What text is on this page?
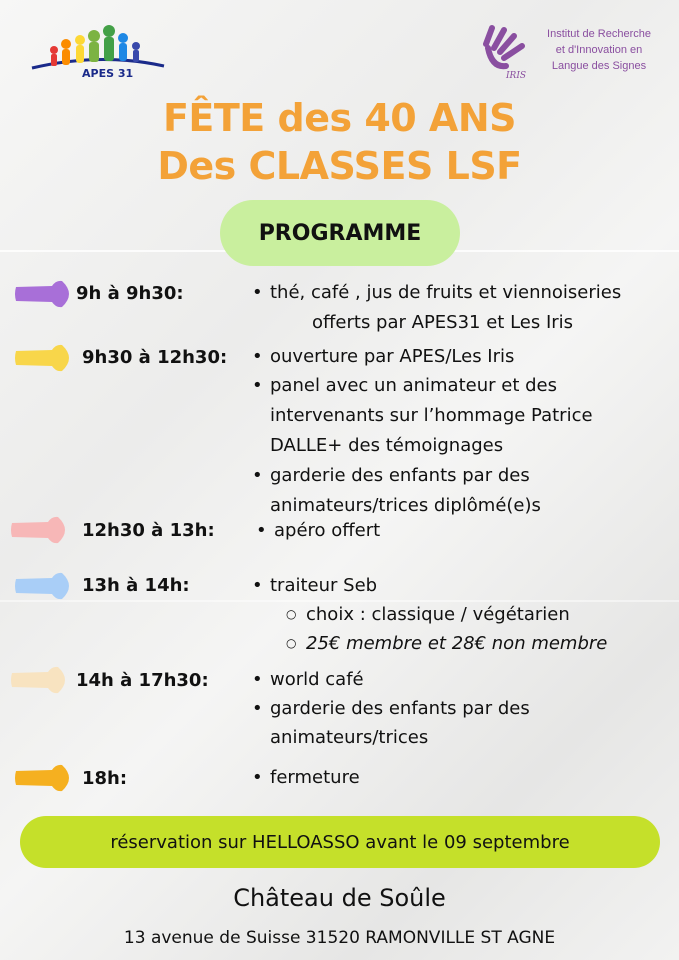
APES 31	IRIS
Institut de Recherche
et d'Innovation en
Langue des Signes
FÊTE des 40 ANS
Des CLASSES LSF
PROGRAMME
9h à 9h30:	• thé, café , jus de fruits et viennoiseries
offerts par APES31 et Les Iris
9h30 à 12h30: • ouverture par APES/Les Iris
• panel avec un animateur et des
intervenants sur l’hommage Patrice
DALLE+ des témoignages
• garderie des enfants par des
animateurs/trices diplômé(e)s
12h30 à 13h:	• apéro offert
13h à 14h:	• traiteur Seb
○ choix : classique / végétarien
○ 25€ membre et 28€ non membre
14h à 17h30:	• world café
• garderie des enfants par des
animateurs/trices
18h:	• fermeture
réservation sur HELLOASSO avant le 09 septembre
Château de Soûle
13 avenue de Suisse 31520 RAMONVILLE ST AGNE
